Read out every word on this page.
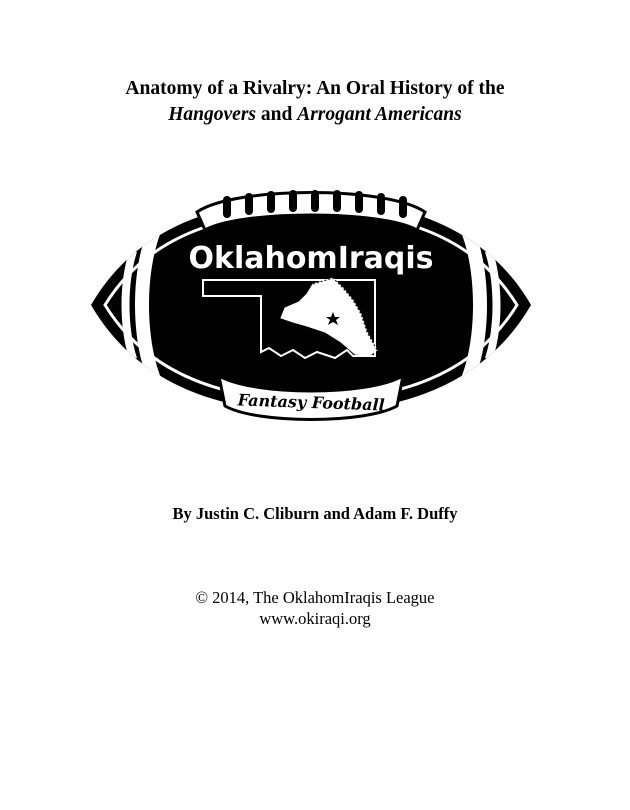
Anatomy of a Rivalry: An Oral History of the
Hangovers and Arrogant Americans
OklahomIraqis
Fantasy Football
By Justin C. Cliburn and Adam F. Duffy
© 2014, The OklahomIraqis League
www.okiraqi.org
